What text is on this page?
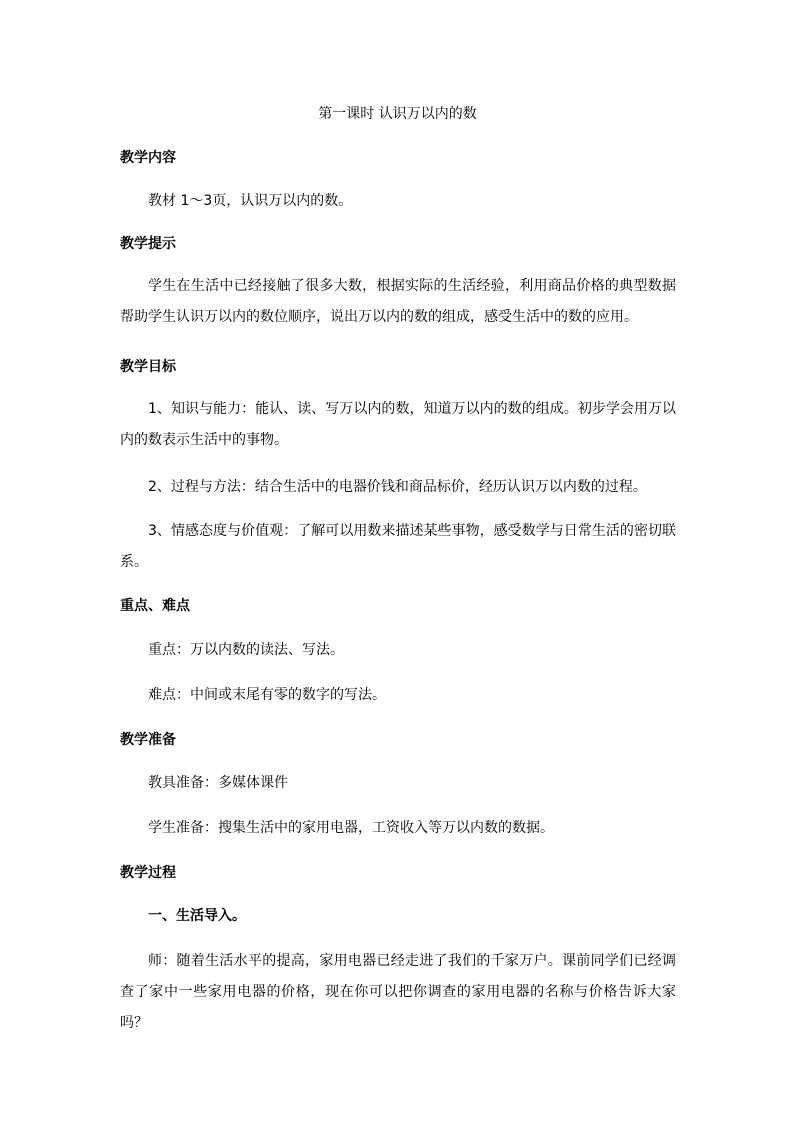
第一课时 认识万以内的数
教学内容

教材 1～3页，认识万以内的数。

教学提示

学生在生活中已经接触了很多大数，根据实际的生活经验，利用商品价格的典型数据帮助学生认识万以内的数位顺序，说出万以内的数的组成，感受生活中的数的应用。

教学目标

1、知识与能力：能认、读、写万以内的数，知道万以内的数的组成。初步学会用万以内的数表示生活中的事物。

2、过程与方法：结合生活中的电器价钱和商品标价，经历认识万以内数的过程。

3、情感态度与价值观：了解可以用数来描述某些事物，感受数学与日常生活的密切联系。

重点、难点

重点：万以内数的读法、写法。

难点：中间或末尾有零的数字的写法。

教学准备

教具准备：多媒体课件

学生准备：搜集生活中的家用电器，工资收入等万以内数的数据。

教学过程

一、生活导入。

师：随着生活水平的提高，家用电器已经走进了我们的千家万户。课前同学们已经调查了家中一些家用电器的价格，现在你可以把你调查的家用电器的名称与价格告诉大家吗？
